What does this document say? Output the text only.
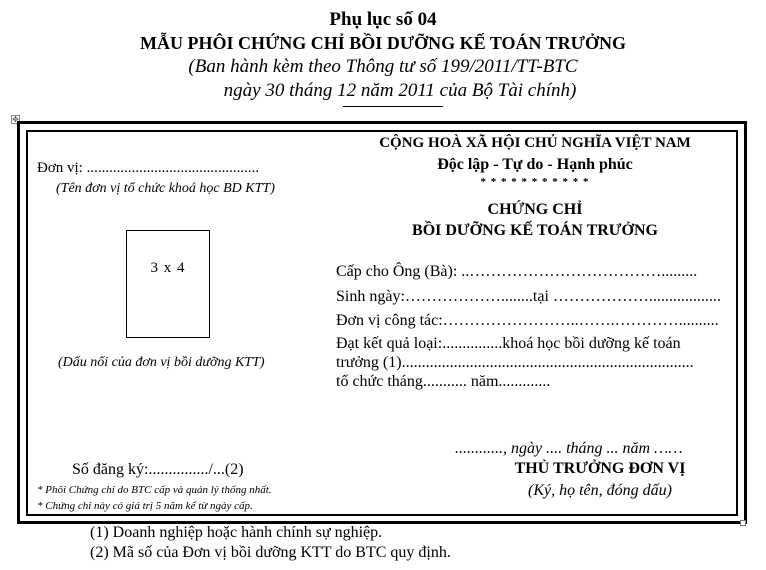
Phụ lục số 04
MẪU PHÔI CHỨNG CHỈ BỒI DƯỠNG KẾ TOÁN TRƯỞNG
(Ban hành kèm theo Thông tư số 199/2011/TT-BTC
ngày 30 tháng 12 năm 2011 của Bộ Tài chính)
✥
Đơn vị: ..............................................
(Tên đơn vị tổ chức khoá học BD KTT)
3 x 4
(Dấu nổi của đơn vị bồi dưỡng KTT)
Số đăng ký:.............../...(2)
* Phôi Chứng chỉ do BTC cấp và quản lý thống nhất.
* Chứng chỉ này có giá trị 5 năm kể từ ngày cấp.
CỘNG HOÀ XÃ HỘI CHỦ NGHĨA VIỆT NAM
Độc lập - Tự do - Hạnh phúc
* * * * * * * * * * *
CHỨNG CHỈ
BỒI DƯỠNG KẾ TOÁN TRƯỞNG
Cấp cho Ông (Bà): ..……………………………….........
Sinh ngày:………………........tại ………………..................
Đơn vị công tác:……………………..…….…………..........
Đạt kết quả loại:...............khoá học bồi dưỡng kế toán
trưởng (1).........................................................................
tổ chức tháng........... năm.............
............, ngày .... tháng ... năm ……
THỦ TRƯỞNG ĐƠN VỊ
(Ký, họ tên, đóng dấu)
(1) Doanh nghiệp hoặc hành chính sự nghiệp.
(2) Mã số của Đơn vị bồi dưỡng KTT do BTC quy định.
